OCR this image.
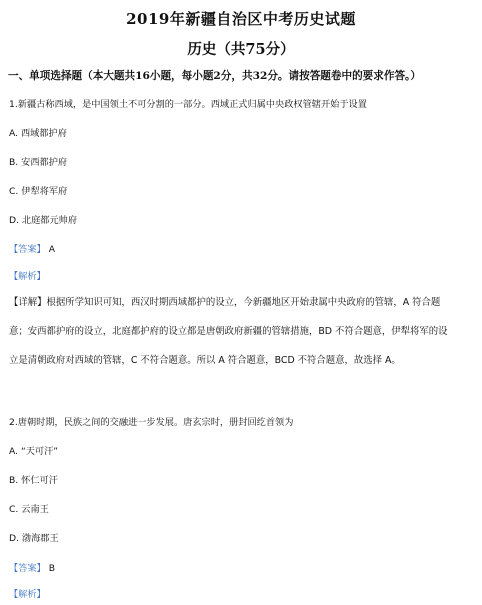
2019年新疆自治区中考历史试题
历史（共75分）
一、单项选择题（本大题共16小题，每小题2分，共32分。请按答题卷中的要求作答。）
1.新疆古称西域，是中国领土不可分割的一部分。西域正式归属中央政权管辖开始于设置
A. 西域都护府
B. 安西都护府
C. 伊犁将军府
D. 北庭都元帅府
【答案】 A
【解析】
【详解】根据所学知识可知，西汉时期西域都护的设立，今新疆地区开始隶属中央政府的管辖，A 符合题
意；安西都护府的设立，北庭都护府的设立都是唐朝政府新疆的管辖措施，BD 不符合题意，伊犁将军的设
立是清朝政府对西域的管辖，C 不符合题意。所以 A 符合题意，BCD 不符合题意，故选择 A。
2.唐朝时期，民族之间的交融进一步发展。唐玄宗时，册封回纥首领为
A. “天可汗”
B. 怀仁可汗
C. 云南王
D. 渤海郡王
【答案】 B
【解析】
